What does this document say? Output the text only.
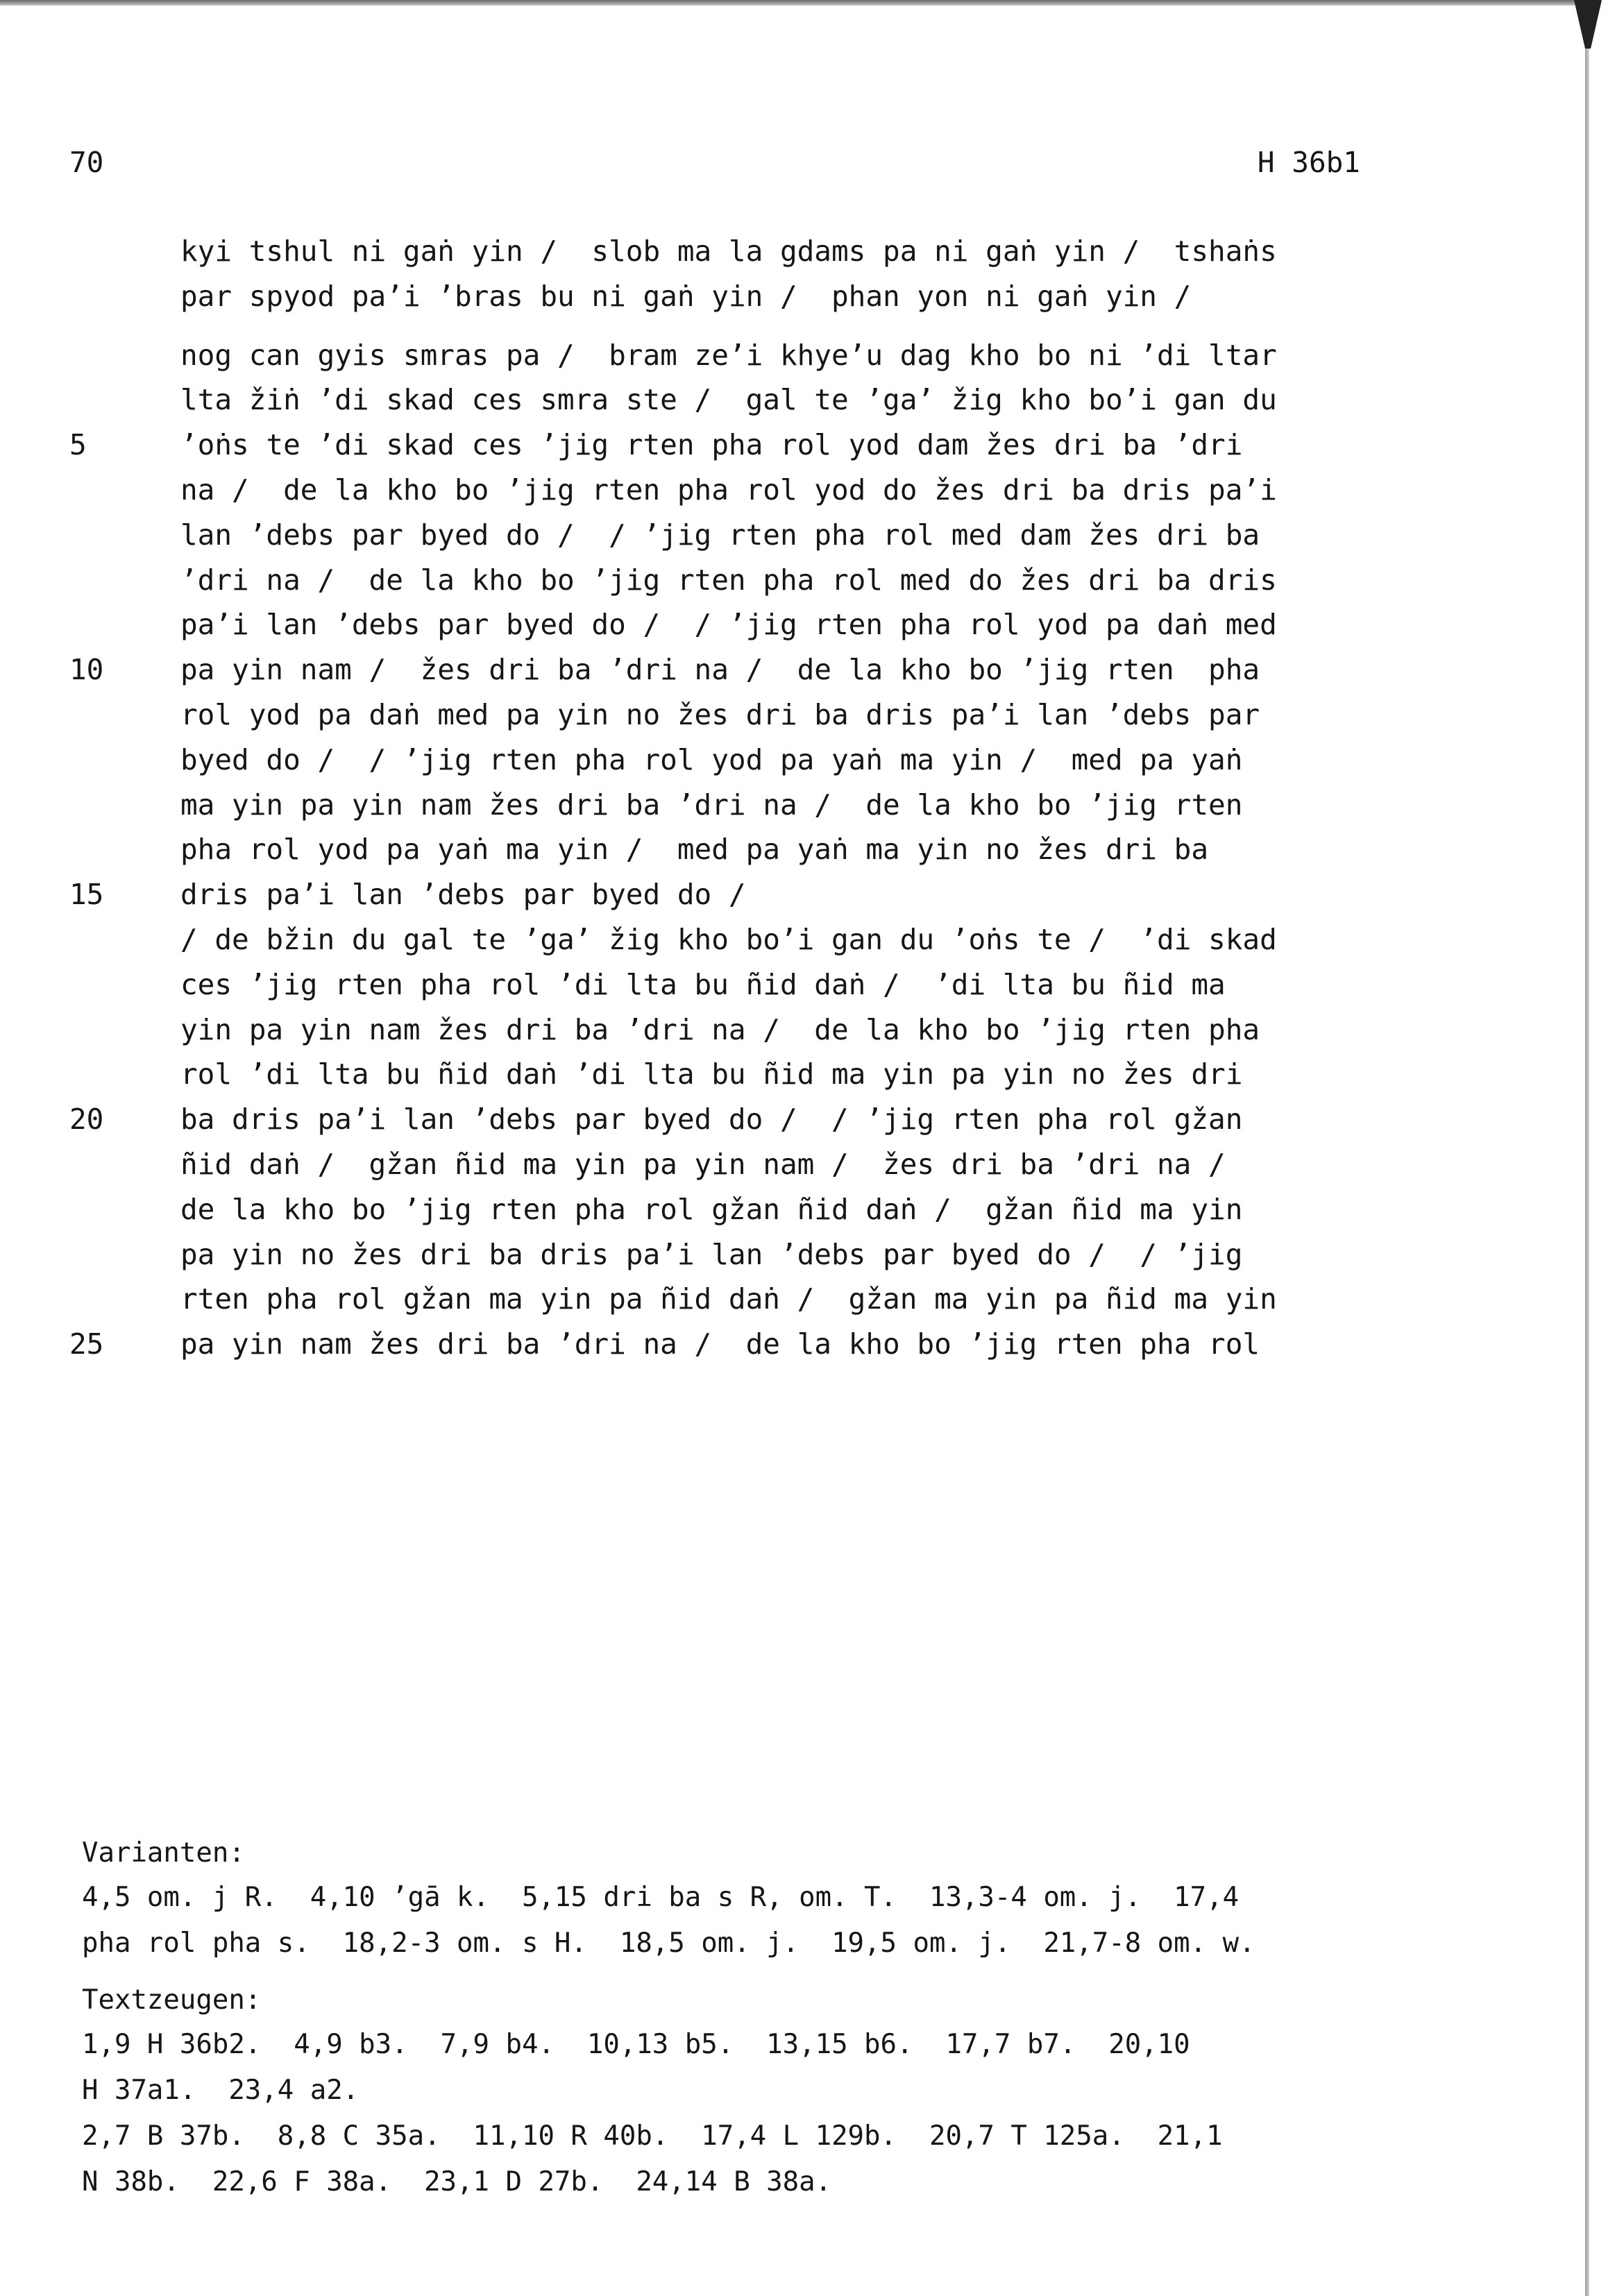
70	H 36b1
kyi tshul ni gaṅ yin /  slob ma la gdams pa ni gaṅ yin /  tshaṅs
par spyod pa’i ’bras bu ni gaṅ yin /  phan yon ni gaṅ yin /
nog can gyis smras pa /  bram ze’i khye’u dag kho bo ni ’di ltar
lta žiṅ ’di skad ces smra ste /  gal te ’ga’ žig kho bo’i gan du
5	’oṅs te ’di skad ces ’jig rten pha rol yod dam žes dri ba ’dri
na /  de la kho bo ’jig rten pha rol yod do žes dri ba dris pa’i
lan ’debs par byed do /  / ’jig rten pha rol med dam žes dri ba
’dri na /  de la kho bo ’jig rten pha rol med do žes dri ba dris
pa’i lan ’debs par byed do /  / ’jig rten pha rol yod pa daṅ med
10	pa yin nam /  žes dri ba ’dri na /  de la kho bo ’jig rten  pha
rol yod pa daṅ med pa yin no žes dri ba dris pa’i lan ’debs par
byed do /  / ’jig rten pha rol yod pa yaṅ ma yin /  med pa yaṅ
ma yin pa yin nam žes dri ba ’dri na /  de la kho bo ’jig rten
pha rol yod pa yaṅ ma yin /  med pa yaṅ ma yin no žes dri ba
15	dris pa’i lan ’debs par byed do /
/ de bžin du gal te ’ga’ žig kho bo’i gan du ’oṅs te /  ’di skad
ces ’jig rten pha rol ’di lta bu ñid daṅ /  ’di lta bu ñid ma
yin pa yin nam žes dri ba ’dri na /  de la kho bo ’jig rten pha
rol ’di lta bu ñid daṅ ’di lta bu ñid ma yin pa yin no žes dri
20	ba dris pa’i lan ’debs par byed do /  / ’jig rten pha rol gžan
ñid daṅ /  gžan ñid ma yin pa yin nam /  žes dri ba ’dri na /
de la kho bo ’jig rten pha rol gžan ñid daṅ /  gžan ñid ma yin
pa yin no žes dri ba dris pa’i lan ’debs par byed do /  / ’jig
rten pha rol gžan ma yin pa ñid daṅ /  gžan ma yin pa ñid ma yin
25	pa yin nam žes dri ba ’dri na /  de la kho bo ’jig rten pha rol
Varianten:
4,5 om. j R.  4,10 ’gā k.  5,15 dri ba s R, om. T.  13,3-4 om. j.  17,4
pha rol pha s.  18,2-3 om. s H.  18,5 om. j.  19,5 om. j.  21,7-8 om. w.
Textzeugen:
1,9 H 36b2.  4,9 b3.  7,9 b4.  10,13 b5.  13,15 b6.  17,7 b7.  20,10
H 37a1.  23,4 a2.
2,7 B 37b.  8,8 C 35a.  11,10 R 40b.  17,4 L 129b.  20,7 T 125a.  21,1
N 38b.  22,6 F 38a.  23,1 D 27b.  24,14 B 38a.
